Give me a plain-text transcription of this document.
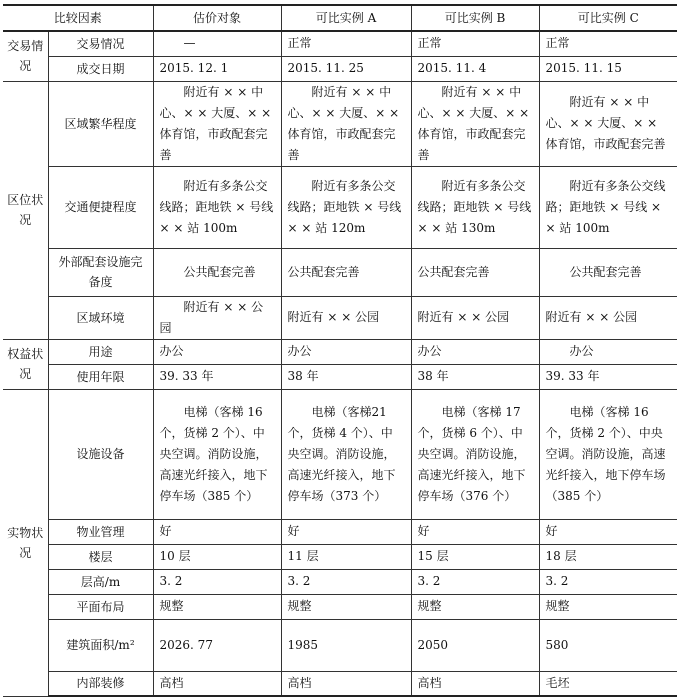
比较因素		估价对象	可比实例 A	可比实例 B	可比实例 C
交易情况	交易情况	—	正常	正常	正常
	成交日期	2015. 12. 1	2015. 11. 25	2015. 11. 4	2015. 11. 15
区位状况	区域繁华程度	附近有 × × 中心、× × 大厦、× × 体育馆，市政配套完善	附近有 × × 中心、× × 大厦、× × 体育馆，市政配套完善	附近有 × × 中心、× × 大厦、× × 体育馆，市政配套完善	附近有 × × 中心、× × 大厦、× × 体育馆，市政配套完善
	交通便捷程度	附近有多条公交线路；距地铁 × 号线 × × 站 100m	附近有多条公交线路；距地铁 × 号线 × × 站 120m	附近有多条公交线路；距地铁 × 号线 × × 站 130m	附近有多条公交线路；距地铁 × 号线 × × 站 100m
	外部配套设施完备度	公共配套完善	公共配套完善	公共配套完善	公共配套完善
	区域环境	附近有 × × 公园	附近有 × × 公园	附近有 × × 公园	附近有 × × 公园
权益状况	用途	办公	办公	办公	办公
	使用年限	39. 33 年	38 年	38 年	39. 33 年
实物状况	设施设备	电梯（客梯 16 个，货梯 2 个）、中央空调。消防设施，高速光纤接入，地下停车场（385 个）	电梯（客梯21 个，货梯 4 个）、中央空调。消防设施，高速光纤接入，地下停车场（373 个）	电梯（客梯 17 个，货梯 6 个）、中央空调。消防设施，高速光纤接入，地下停车场（376 个）	电梯（客梯 16 个，货梯 2 个）、中央空调。消防设施，高速光纤接入，地下停车场（385 个）
	物业管理	好	好	好	好
	楼层	10 层	11 层	15 层	18 层
	层高/m	3. 2	3. 2	3. 2	3. 2
	平面布局	规整	规整	规整	规整
	建筑面积/m²	2026. 77	1985	2050	580
	内部装修	高档	高档	高档	毛坯
